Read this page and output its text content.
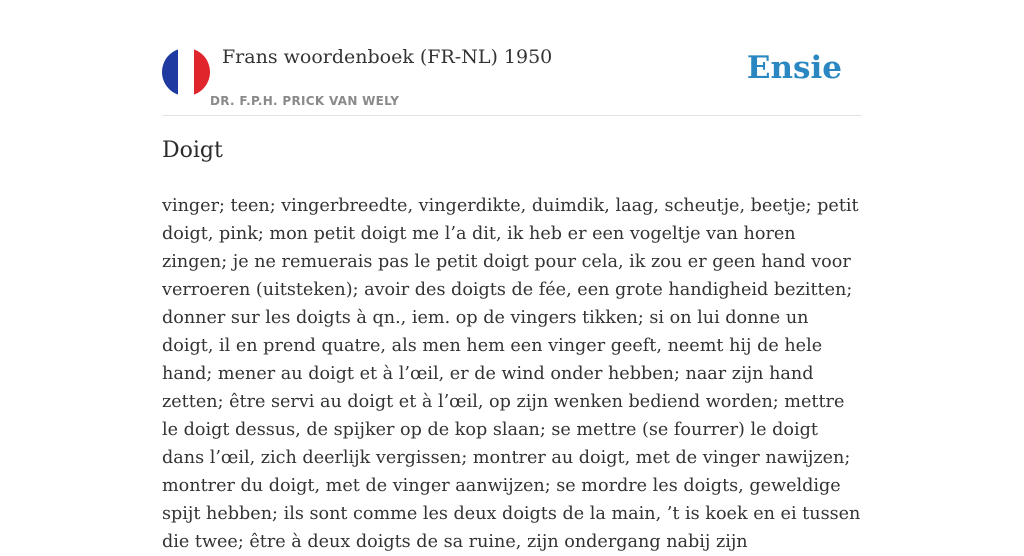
Frans woordenboek (FR-NL) 1950
DR. F.P.H. PRICK VAN WELY
Ensie
Doigt

vinger; teen; vingerbreedte, vingerdikte, duimdik, laag, scheutje, beetje; petit doigt, pink; mon petit doigt me l’a dit, ik heb er een vogeltje van horen zingen; je ne remuerais pas le petit doigt pour cela, ik zou er geen hand voor verroeren (uitsteken); avoir des doigts de fée, een grote handigheid bezitten; donner sur les doigts à qn., iem. op de vingers tikken; si on lui donne un doigt, il en prend quatre, als men hem een vinger geeft, neemt hij de hele hand; mener au doigt et à l’œil, er de wind onder hebben; naar zijn hand zetten; être servi au doigt et à l’œil, op zijn wenken bediend worden; mettre le doigt dessus, de spijker op de kop slaan; se mettre (se fourrer) le doigt dans l’œil, zich deerlijk vergissen; montrer au doigt, met de vinger nawijzen; montrer du doigt, met de vinger aanwijzen; se mordre les doigts, geweldige spijt hebben; ils sont comme les deux doigts de la main, ’t is koek en ei tussen die twee; être à deux doigts de sa ruine, zijn ondergang nabij zijn
